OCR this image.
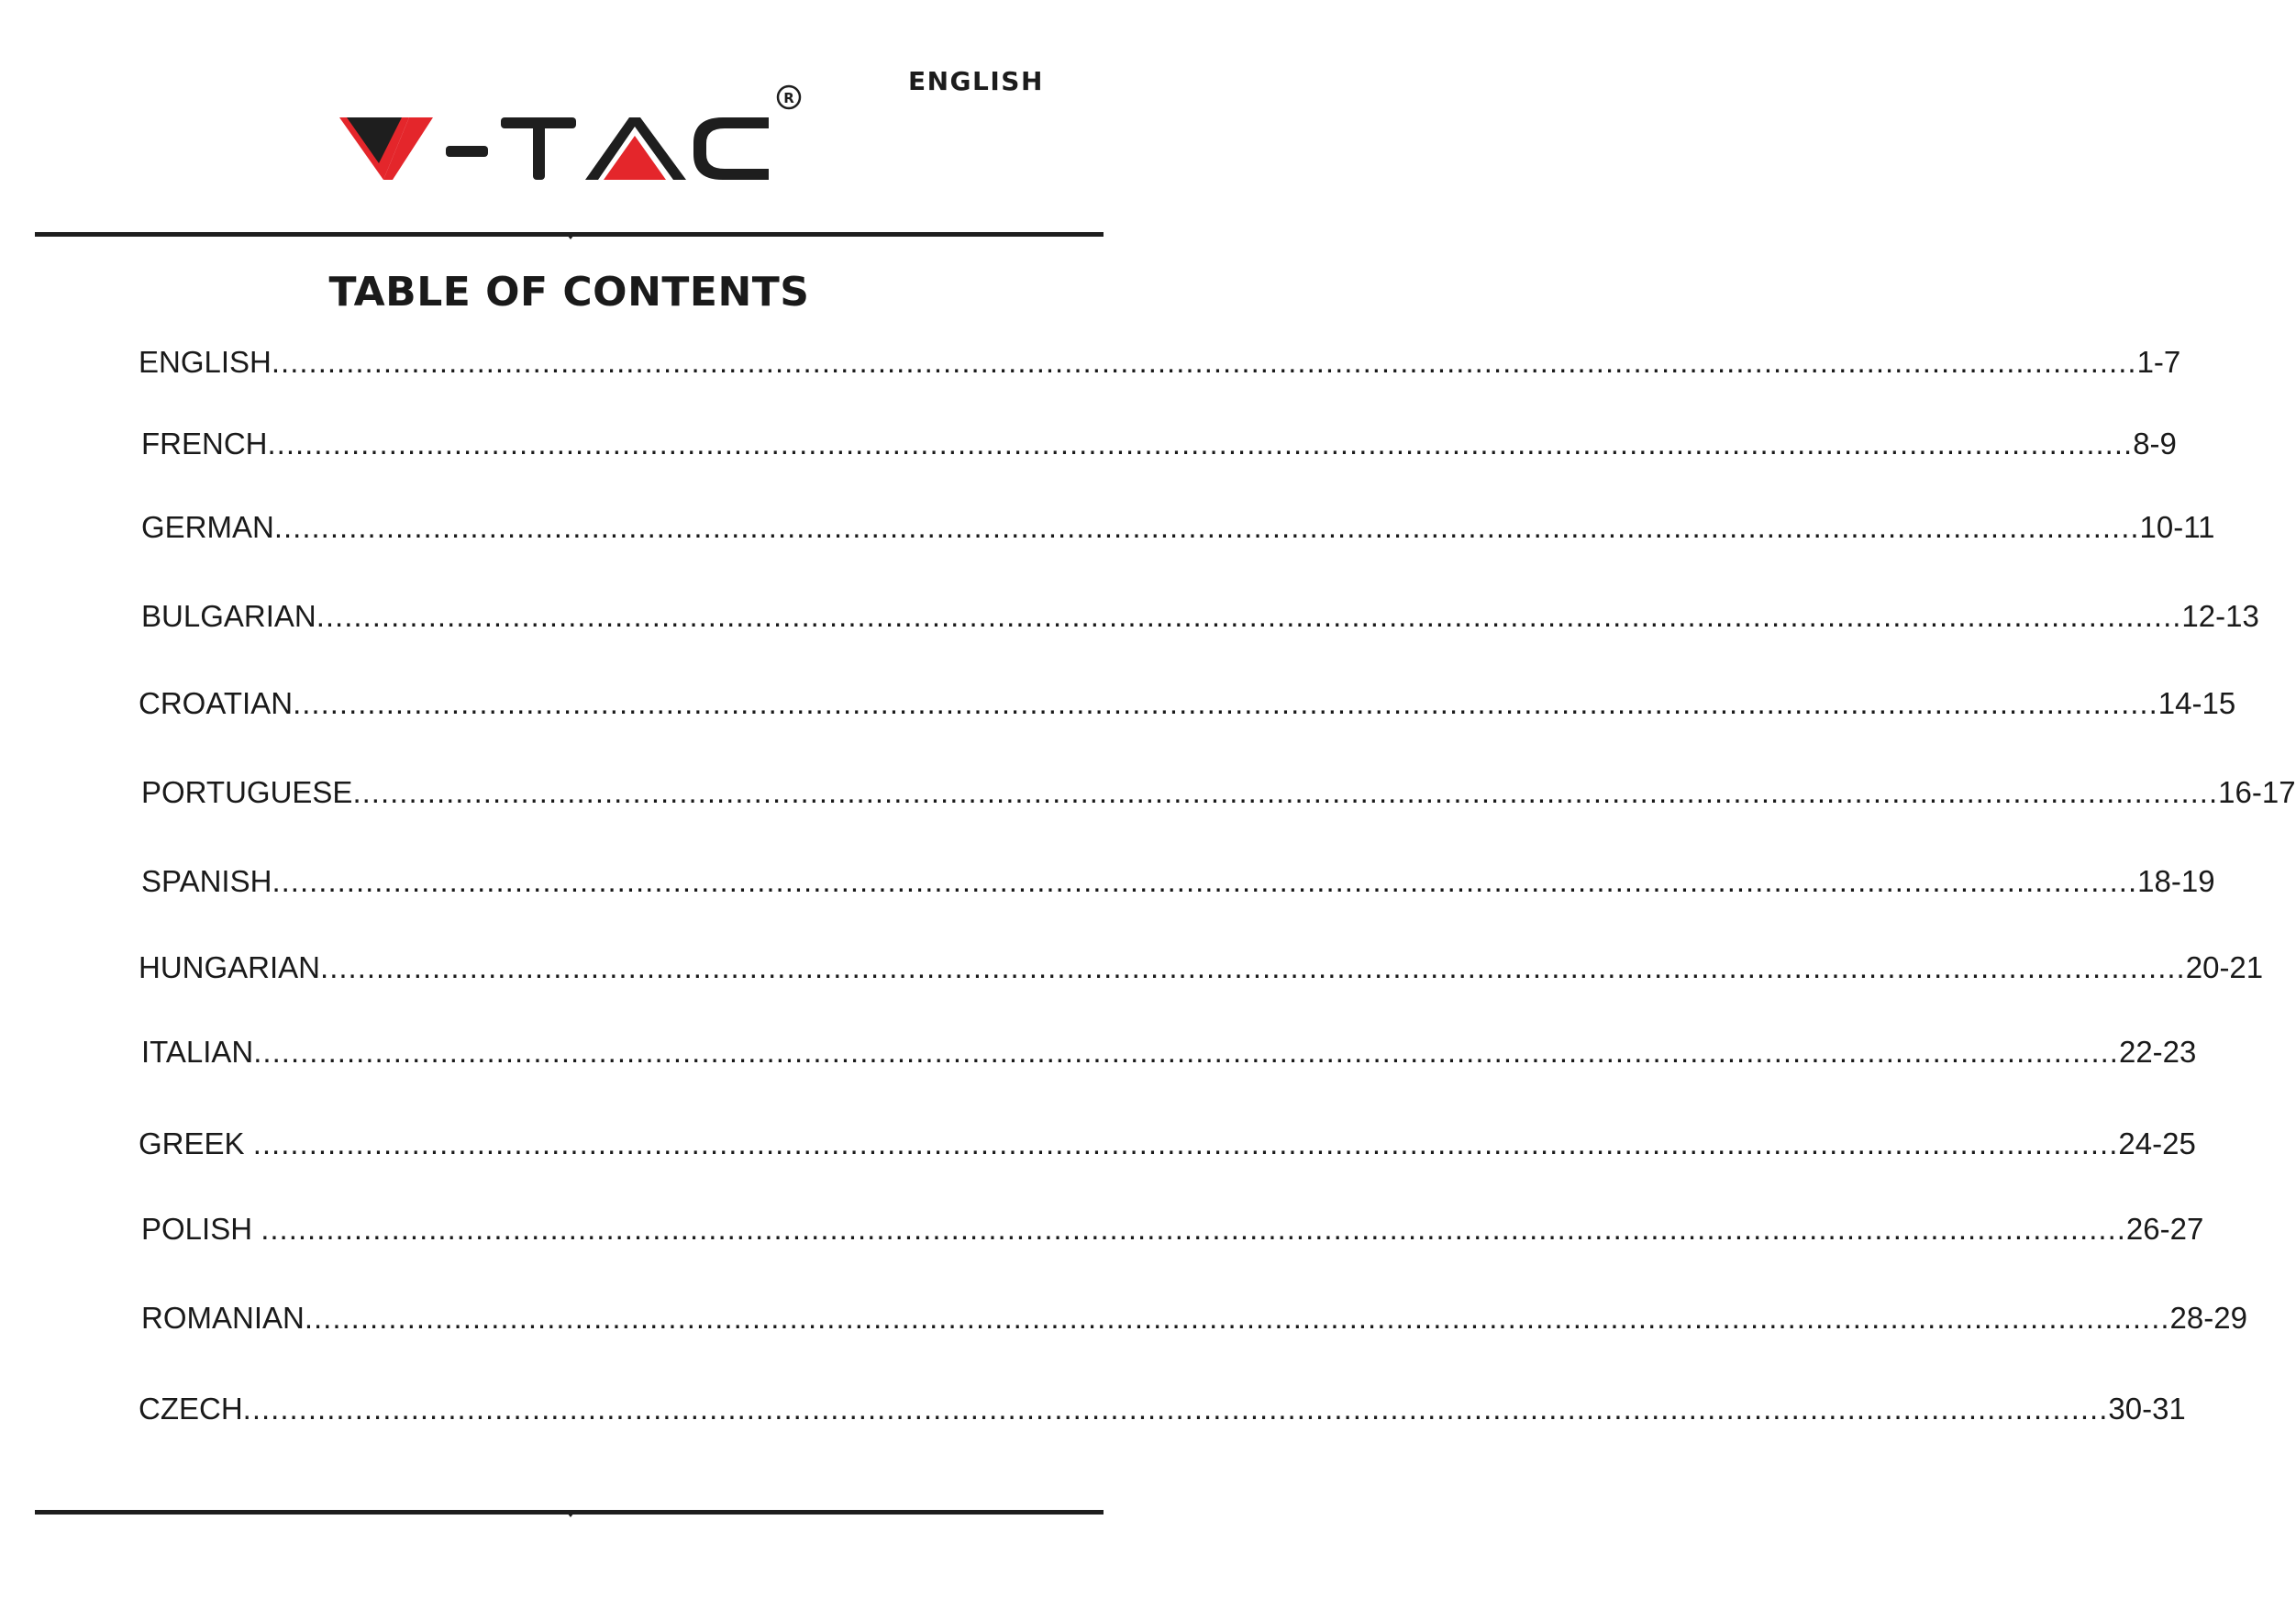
ENGLISH
R
TABLE OF CONTENTS
ENGLISH ........................................................................................................................................................................................................ 1-7
FRENCH ........................................................................................................................................................................................................ 8-9
GERMAN ........................................................................................................................................................................................................ 10-11
BULGARIAN ........................................................................................................................................................................................................ 12-13
CROATIAN ........................................................................................................................................................................................................ 14-15
PORTUGUESE ........................................................................................................................................................................................................ 16-17
SPANISH ........................................................................................................................................................................................................ 18-19
HUNGARIAN ........................................................................................................................................................................................................ 20-21
ITALIAN ........................................................................................................................................................................................................ 22-23
GREEK ........................................................................................................................................................................................................ 24-25
POLISH ........................................................................................................................................................................................................ 26-27
ROMANIAN ........................................................................................................................................................................................................ 28-29
CZECH ........................................................................................................................................................................................................ 30-31
